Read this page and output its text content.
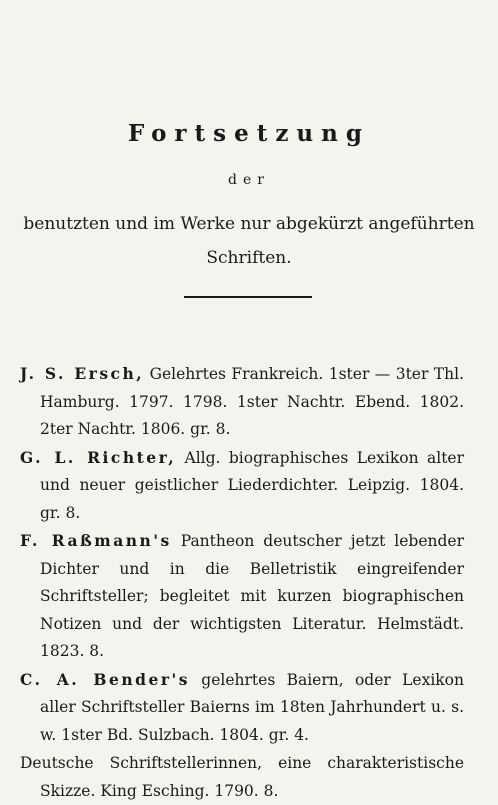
Fortsetzung
der
benutzten und im Werke nur abgekürzt angeführten
Schriften.
J. S. Ersch, Gelehrtes Frankreich. 1ster — 3ter Thl. Hamburg. 1797. 1798. 1ster Nachtr. Ebend. 1802. 2ter Nachtr. 1806. gr. 8.
G. L. Richter, Allg. biographisches Lexikon alter und neuer geistlicher Liederdichter. Leipzig. 1804. gr. 8.
F. Raßmann's Pantheon deutscher jetzt lebender Dichter und in die Belletristik eingreifender Schriftsteller; begleitet mit kurzen biographischen Notizen und der wichtigsten Literatur. Helmstädt. 1823. 8.
C. A. Bender's gelehrtes Baiern, oder Lexikon aller Schriftsteller Baierns im 18ten Jahrhundert u. s. w. 1ster Bd. Sulzbach. 1804. gr. 4.
Deutsche Schriftstellerinnen, eine charakteristische Skizze. King Esching. 1790. 8.
